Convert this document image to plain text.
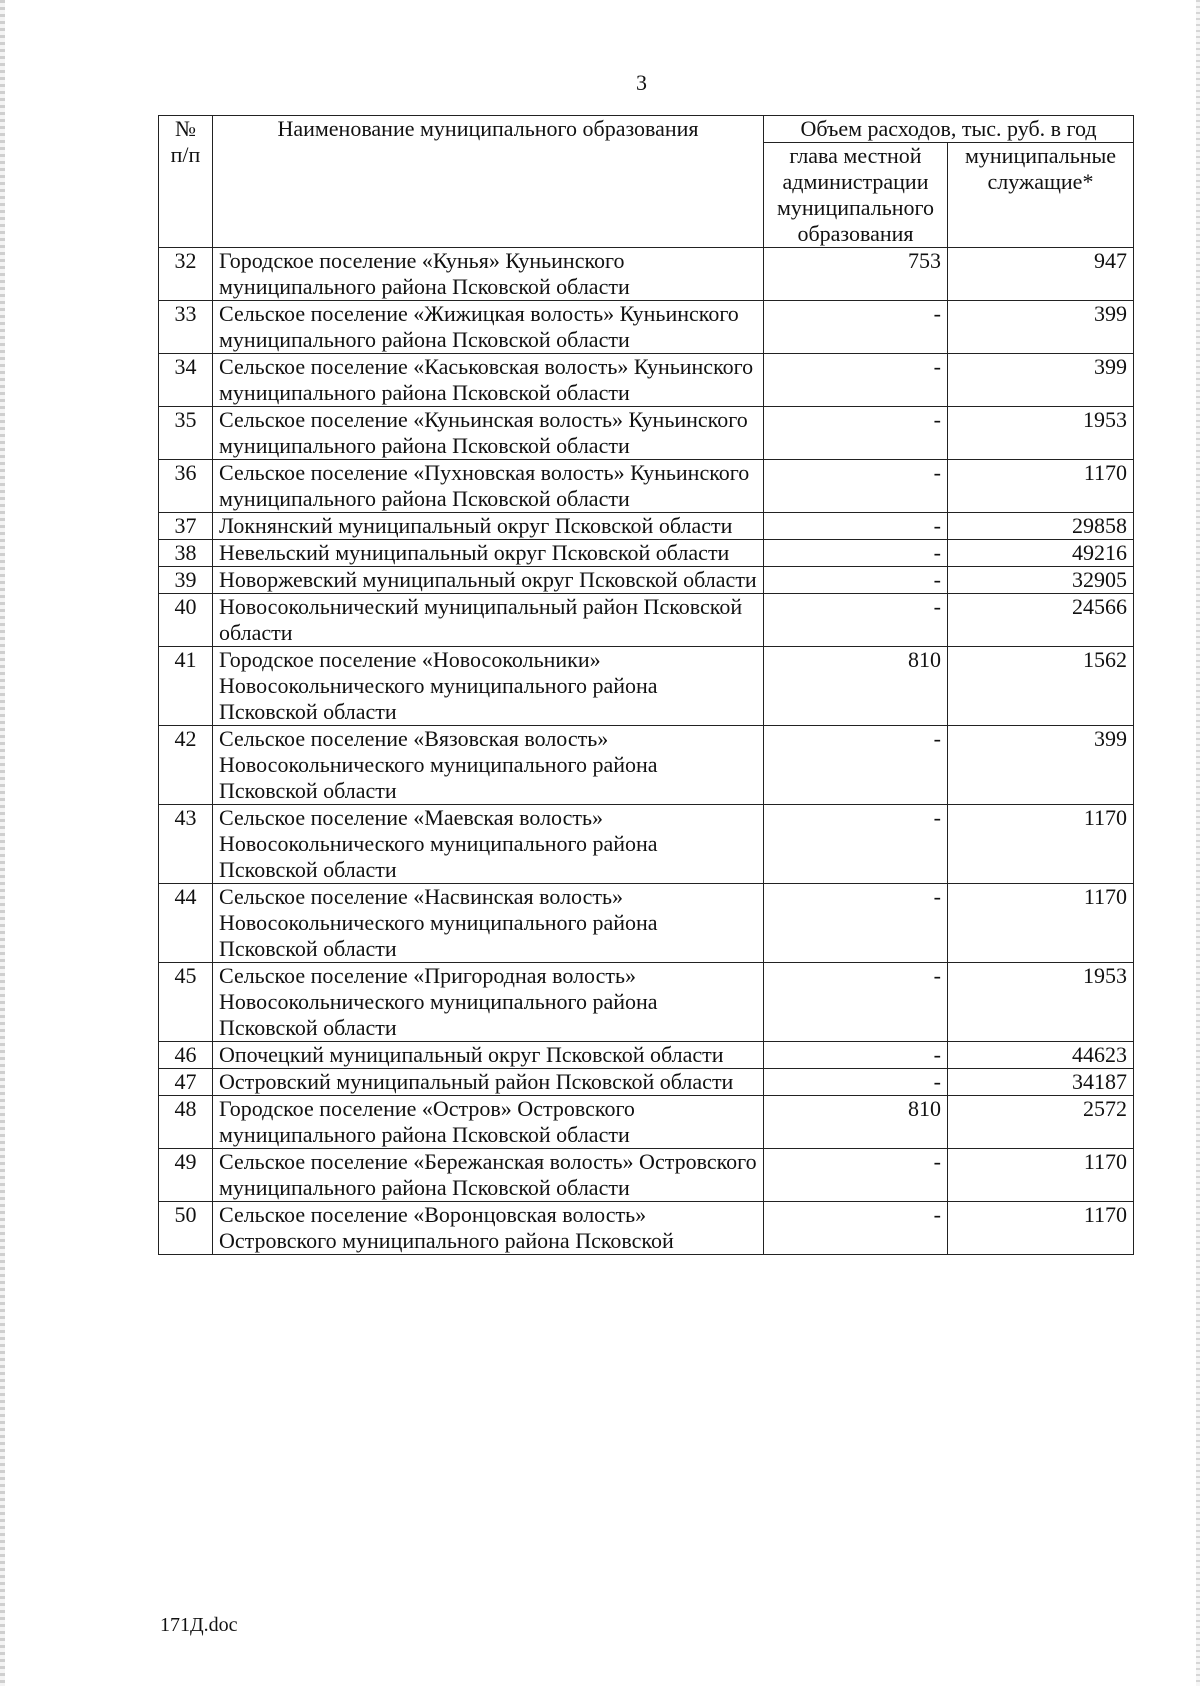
3
№ п/п	Наименование муниципального образования	Объем расходов, тыс. руб. в год	
		глава местной администрации муниципального образования	муниципальные служащие*
32	Городское поселение «Кунья» Куньинского муниципального района Псковской области	753	947
33	Сельское поселение «Жижицкая волость» Куньинского муниципального района Псковской области	-	399
34	Сельское поселение «Каськовская волость» Куньинского муниципального района Псковской области	-	399
35	Сельское поселение «Куньинская волость» Куньинского муниципального района Псковской области	-	1953
36	Сельское поселение «Пухновская волость» Куньинского муниципального района Псковской области	-	1170
37	Локнянский муниципальный округ Псковской области	-	29858
38	Невельский муниципальный округ Псковской области	-	49216
39	Новоржевский муниципальный округ Псковской области	-	32905
40	Новосокольнический муниципальный район Псковской области	-	24566
41	Городское поселение «Новосокольники» Новосокольнического муниципального района Псковской области	810	1562
42	Сельское поселение «Вязовская волость» Новосокольнического муниципального района Псковской области	-	399
43	Сельское поселение «Маевская волость» Новосокольнического муниципального района Псковской области	-	1170
44	Сельское поселение «Насвинская волость» Новосокольнического муниципального района Псковской области	-	1170
45	Сельское поселение «Пригородная волость» Новосокольнического муниципального района Псковской области	-	1953
46	Опочецкий муниципальный округ Псковской области	-	44623
47	Островский муниципальный район Псковской области	-	34187
48	Городское поселение «Остров» Островского муниципального района Псковской области	810	2572
49	Сельское поселение «Бережанская волость» Островского муниципального района Псковской области	-	1170
50	Сельское поселение «Воронцовская волость» Островского муниципального района Псковской	-	1170
171Д.doc
